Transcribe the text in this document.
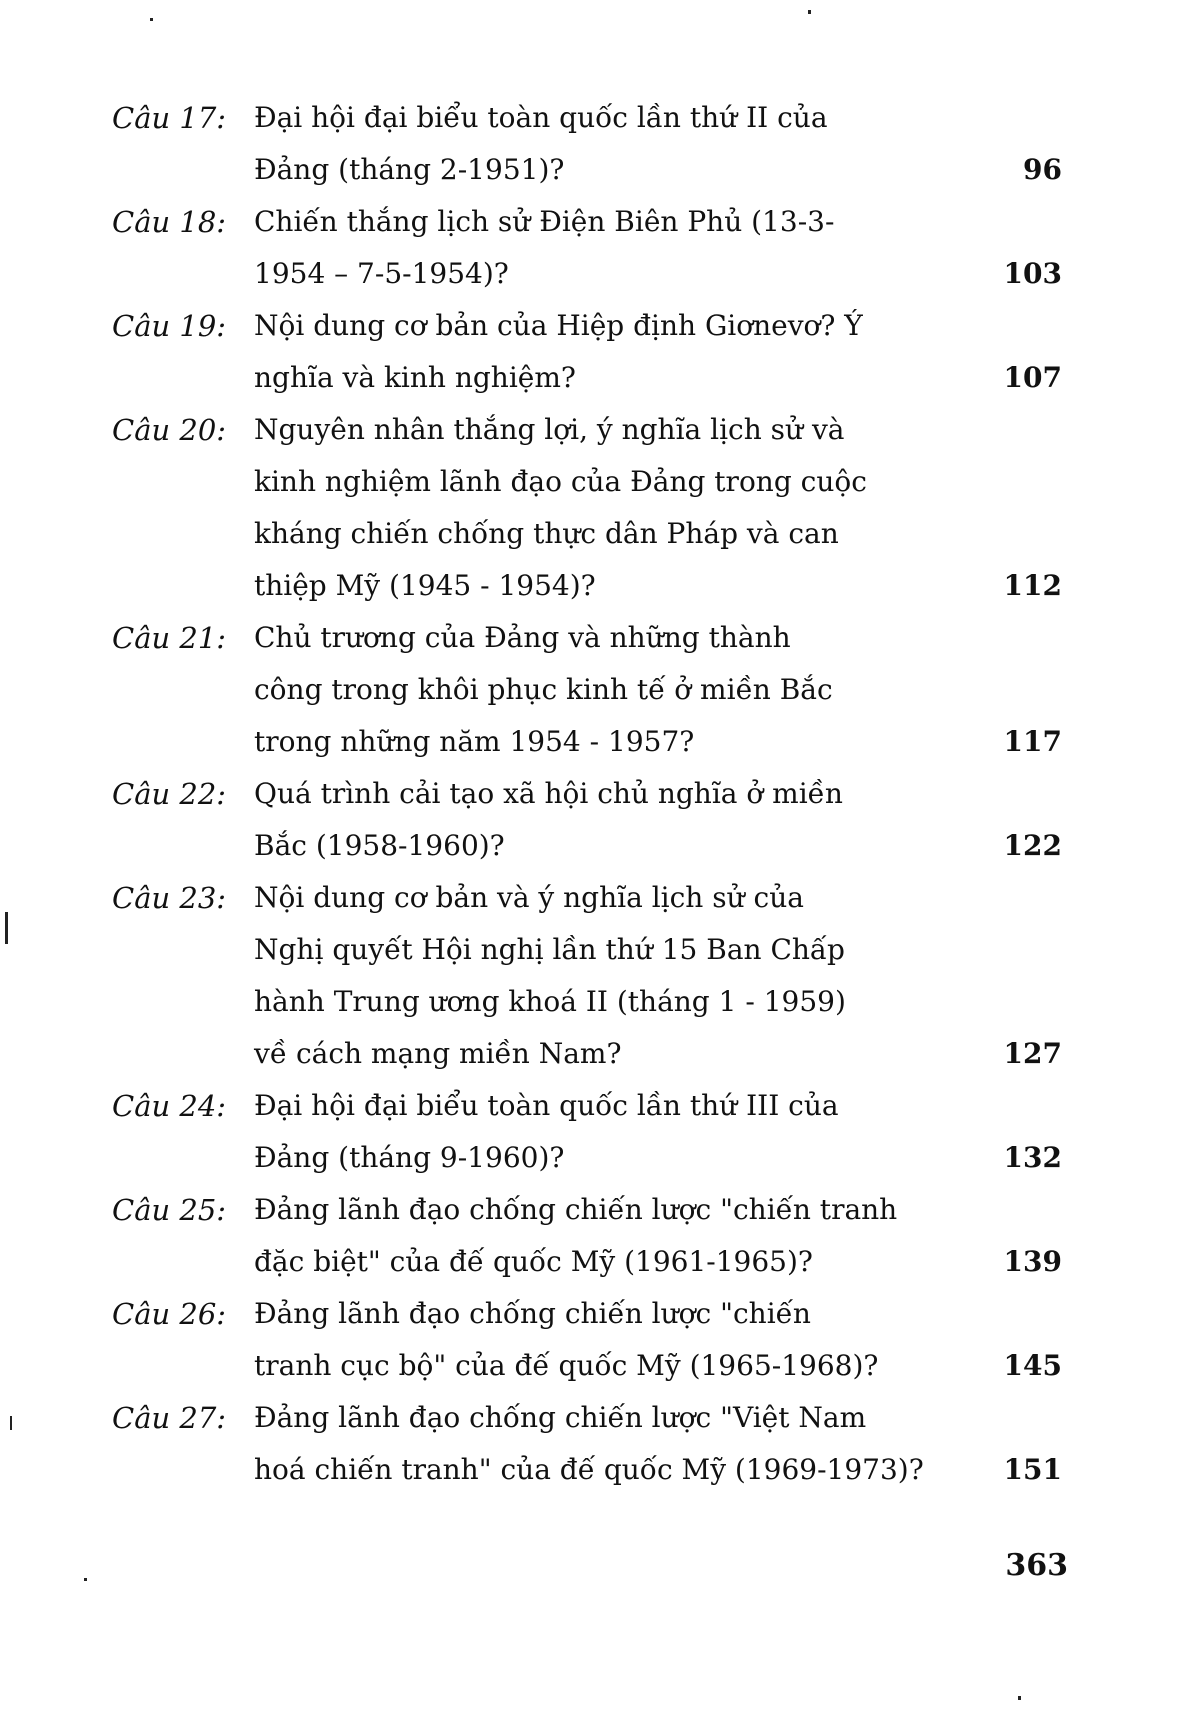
Câu 17: Đại hội đại biểu toàn quốc lần thứ II của
Đảng (tháng 2-1951)?	96
Câu 18: Chiến thắng lịch sử Điện Biên Phủ (13-3-
1954 – 7-5-1954)?	103
Câu 19: Nội dung cơ bản của Hiệp định Giơnevơ? Ý
nghĩa và kinh nghiệm?	107
Câu 20: Nguyên nhân thắng lợi, ý nghĩa lịch sử và
kinh nghiệm lãnh đạo của Đảng trong cuộc
kháng chiến chống thực dân Pháp và can
thiệp Mỹ (1945 - 1954)?	112
Câu 21: Chủ trương của Đảng và những thành
công trong khôi phục kinh tế ở miền Bắc
trong những năm 1954 - 1957?	117
Câu 22: Quá trình cải tạo xã hội chủ nghĩa ở miền
Bắc (1958-1960)?	122
Câu 23: Nội dung cơ bản và ý nghĩa lịch sử của
Nghị quyết Hội nghị lần thứ 15 Ban Chấp
hành Trung ương khoá II (tháng 1 - 1959)
về cách mạng miền Nam?	127
Câu 24: Đại hội đại biểu toàn quốc lần thứ III của
Đảng (tháng 9-1960)?	132
Câu 25: Đảng lãnh đạo chống chiến lược "chiến tranh
đặc biệt" của đế quốc Mỹ (1961-1965)?	139
Câu 26: Đảng lãnh đạo chống chiến lược "chiến
tranh cục bộ" của đế quốc Mỹ (1965-1968)?	145
Câu 27: Đảng lãnh đạo chống chiến lược "Việt Nam
hoá chiến tranh" của đế quốc Mỹ (1969-1973)?	151
363
